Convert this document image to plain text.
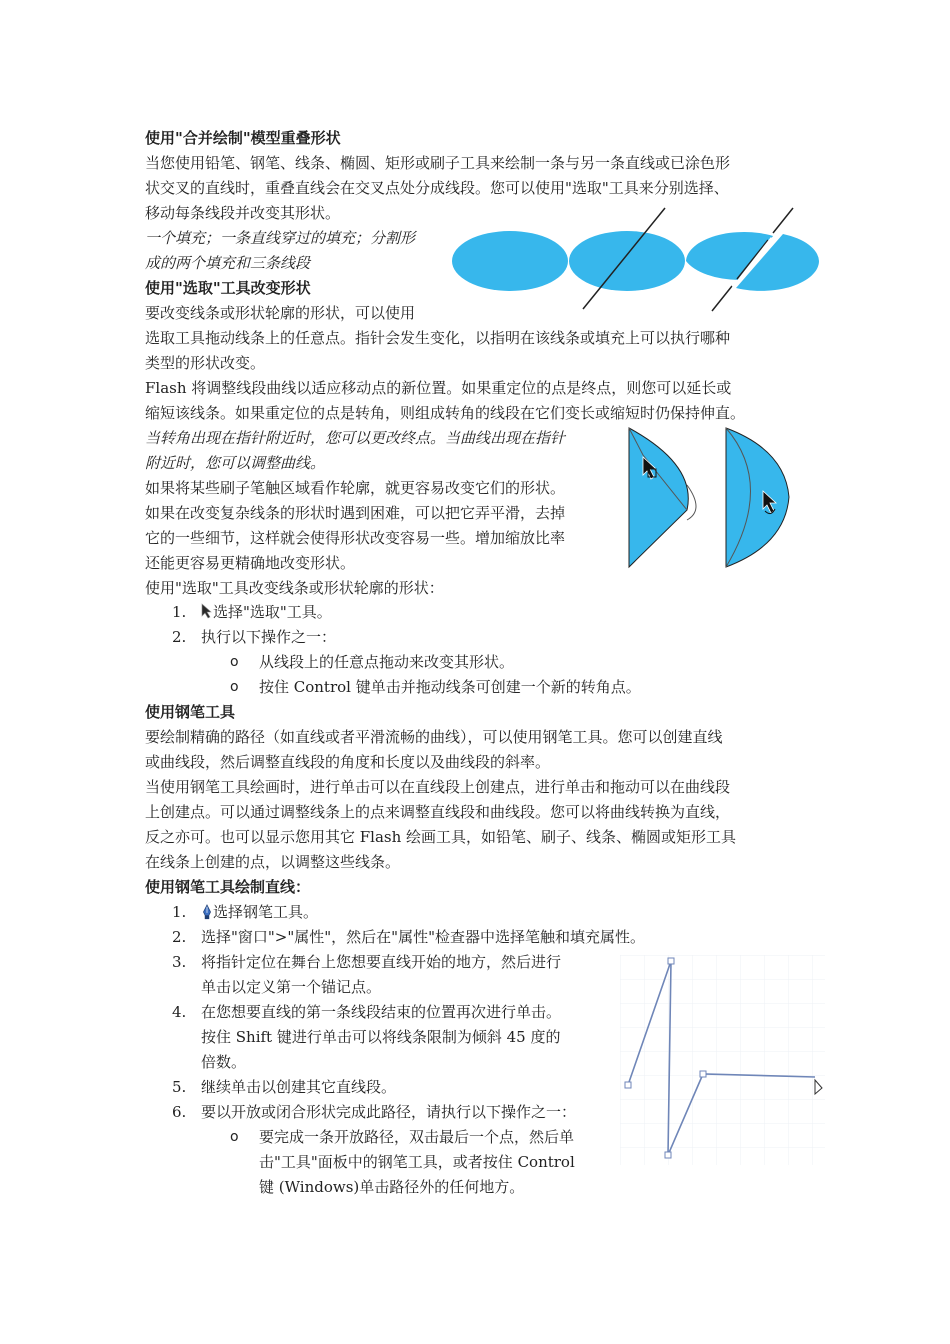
使用"合并绘制"模型重叠形状
当您使用铅笔、钢笔、线条、椭圆、矩形或刷子工具来绘制一条与另一条直线或已涂色形
状交叉的直线时，重叠直线会在交叉点处分成线段。您可以使用"选取"工具来分别选择、
移动每条线段并改变其形状。
一个填充；一条直线穿过的填充；分割形
成的两个填充和三条线段
使用"选取"工具改变形状
要改变线条或形状轮廓的形状，可以使用
选取工具拖动线条上的任意点。指针会发生变化，以指明在该线条或填充上可以执行哪种
类型的形状改变。
Flash 将调整线段曲线以适应移动点的新位置。如果重定位的点是终点，则您可以延长或
缩短该线条。如果重定位的点是转角，则组成转角的线段在它们变长或缩短时仍保持伸直。
当转角出现在指针附近时，您可以更改终点。当曲线出现在指针
附近时，您可以调整曲线。
如果将某些刷子笔触区域看作轮廓，就更容易改变它们的形状。
如果在改变复杂线条的形状时遇到困难，可以把它弄平滑，去掉
它的一些细节，这样就会使得形状改变容易一些。增加缩放比率
还能更容易更精确地改变形状。
使用"选取"工具改变线条或形状轮廓的形状：
1.	选择"选取"工具。
2. 执行以下操作之一：
o 从线段上的任意点拖动来改变其形状。
o 按住 Control 键单击并拖动线条可创建一个新的转角点。
使用钢笔工具
要绘制精确的路径（如直线或者平滑流畅的曲线），可以使用钢笔工具。您可以创建直线
或曲线段，然后调整直线段的角度和长度以及曲线段的斜率。
当使用钢笔工具绘画时，进行单击可以在直线段上创建点，进行单击和拖动可以在曲线段
上创建点。可以通过调整线条上的点来调整直线段和曲线段。您可以将曲线转换为直线，
反之亦可。也可以显示您用其它 Flash 绘画工具，如铅笔、刷子、线条、椭圆或矩形工具
在线条上创建的点，以调整这些线条。
使用钢笔工具绘制直线：
1.	选择钢笔工具。
2. 选择"窗口">"属性"，然后在"属性"检查器中选择笔触和填充属性。
3. 将指针定位在舞台上您想要直线开始的地方，然后进行
单击以定义第一个锚记点。
4. 在您想要直线的第一条线段结束的位置再次进行单击。
按住 Shift 键进行单击可以将线条限制为倾斜 45 度的
倍数。
5. 继续单击以创建其它直线段。
6. 要以开放或闭合形状完成此路径，请执行以下操作之一：
o 要完成一条开放路径，双击最后一个点，然后单
击"工具"面板中的钢笔工具，或者按住 Control
键 (Windows)单击路径外的任何地方。
